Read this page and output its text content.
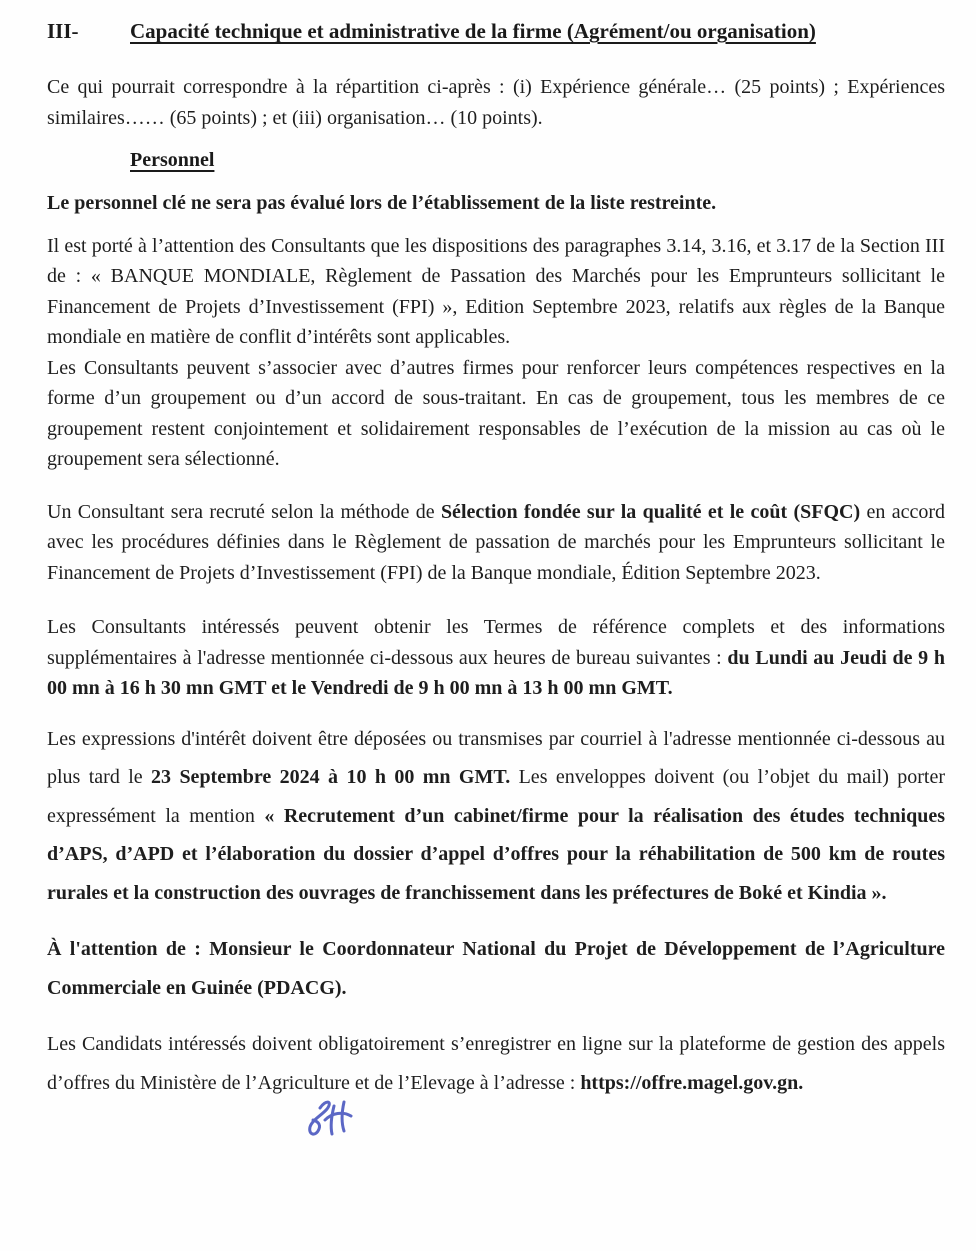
III-	Capacité technique et administrative de la firme (Agrément/ou organisation)

Ce qui pourrait correspondre à la répartition ci-après : (i) Expérience générale… (25 points) ; Expériences similaires…… (65 points) ; et (iii) organisation… (10 points).

Personnel

Le personnel clé ne sera pas évalué lors de l’établissement de la liste restreinte.

Il est porté à l’attention des Consultants que les dispositions des paragraphes 3.14, 3.16, et 3.17 de la Section III de : « BANQUE MONDIALE, Règlement de Passation des Marchés pour les Emprunteurs sollicitant le Financement de Projets d’Investissement (FPI) », Edition Septembre 2023, relatifs aux règles de la Banque mondiale en matière de conflit d’intérêts sont applicables.

Les Consultants peuvent s’associer avec d’autres firmes pour renforcer leurs compétences respectives en la forme d’un groupement ou d’un accord de sous-traitant. En cas de groupement, tous les membres de ce groupement restent conjointement et solidairement responsables de l’exécution de la mission au cas où le groupement sera sélectionné.

Un Consultant sera recruté selon la méthode de Sélection fondée sur la qualité et le coût (SFQC) en accord avec les procédures définies dans le Règlement de passation de marchés pour les Emprunteurs sollicitant le Financement de Projets d’Investissement (FPI) de la Banque mondiale, Édition Septembre 2023.

Les Consultants intéressés peuvent obtenir les Termes de référence complets et des informations supplémentaires à l'adresse mentionnée ci-dessous aux heures de bureau suivantes : du Lundi au Jeudi de 9 h 00 mn à 16 h 30 mn GMT et le Vendredi de 9 h 00 mn à 13 h 00 mn GMT.

Les expressions d'intérêt doivent être déposées ou transmises par courriel à l'adresse mentionnée ci-dessous au plus tard le 23 Septembre 2024 à 10 h 00 mn GMT. Les enveloppes doivent (ou l’objet du mail) porter expressément la mention « Recrutement d’un cabinet/firme pour la réalisation des études techniques d’APS, d’APD et l’élaboration du dossier d’appel d’offres pour la réhabilitation de 500 km de routes rurales et la construction des ouvrages de franchissement dans les préfectures de Boké et Kindia ».

À l'attention de : Monsieur le Coordonnateur National du Projet de Développement de l’Agriculture Commerciale en Guinée (PDACG).

Les Candidats intéressés doivent obligatoirement s’enregistrer en ligne sur la plateforme de gestion des appels d’offres du Ministère de l’Agriculture et de l’Elevage à l’adresse : https://offre.magel.gov.gn.
